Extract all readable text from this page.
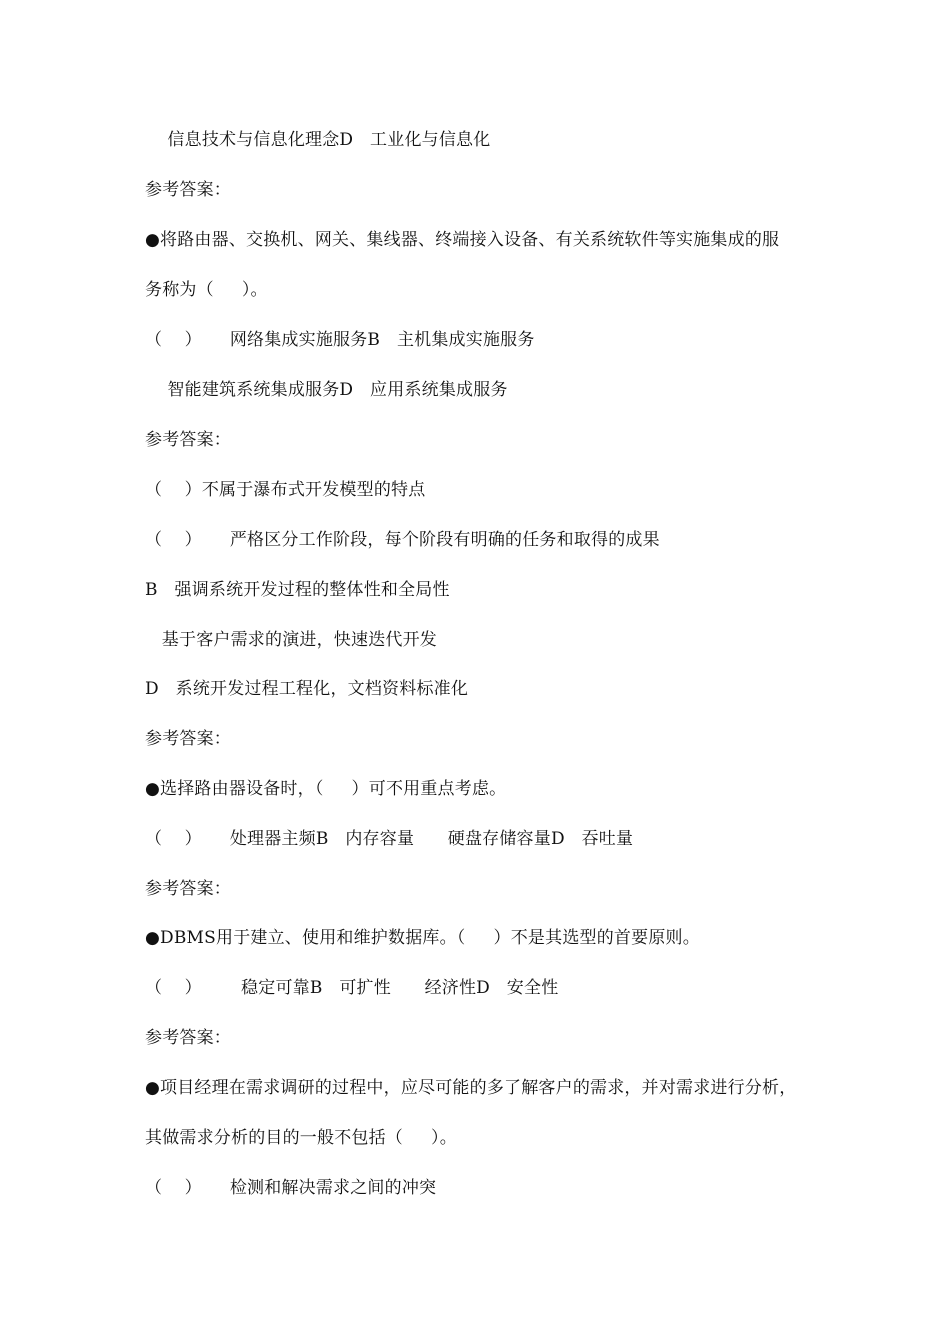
信息技术与信息化理念D   工业化与信息化
参考答案：
●将路由器、交换机、网关、集线器、终端接入设备、有关系统软件等实施集成的服
务称为（     ）。
（    ）     网络集成实施服务B   主机集成实施服务
智能建筑系统集成服务D   应用系统集成服务
参考答案：
（    ）不属于瀑布式开发模型的特点
（    ）     严格区分工作阶段，每个阶段有明确的任务和取得的成果
B   强调系统开发过程的整体性和全局性
基于客户需求的演进，快速迭代开发
D   系统开发过程工程化，文档资料标准化
参考答案：
●选择路由器设备时，（     ）可不用重点考虑。
（    ）     处理器主频B   内存容量      硬盘存储容量D   吞吐量
参考答案：
●DBMS用于建立、使用和维护数据库。（     ）不是其选型的首要原则。
（    ）       稳定可靠B   可扩性      经济性D   安全性
参考答案：
●项目经理在需求调研的过程中，应尽可能的多了解客户的需求，并对需求进行分析，
其做需求分析的目的一般不包括（     ）。
（    ）     检测和解决需求之间的冲突
